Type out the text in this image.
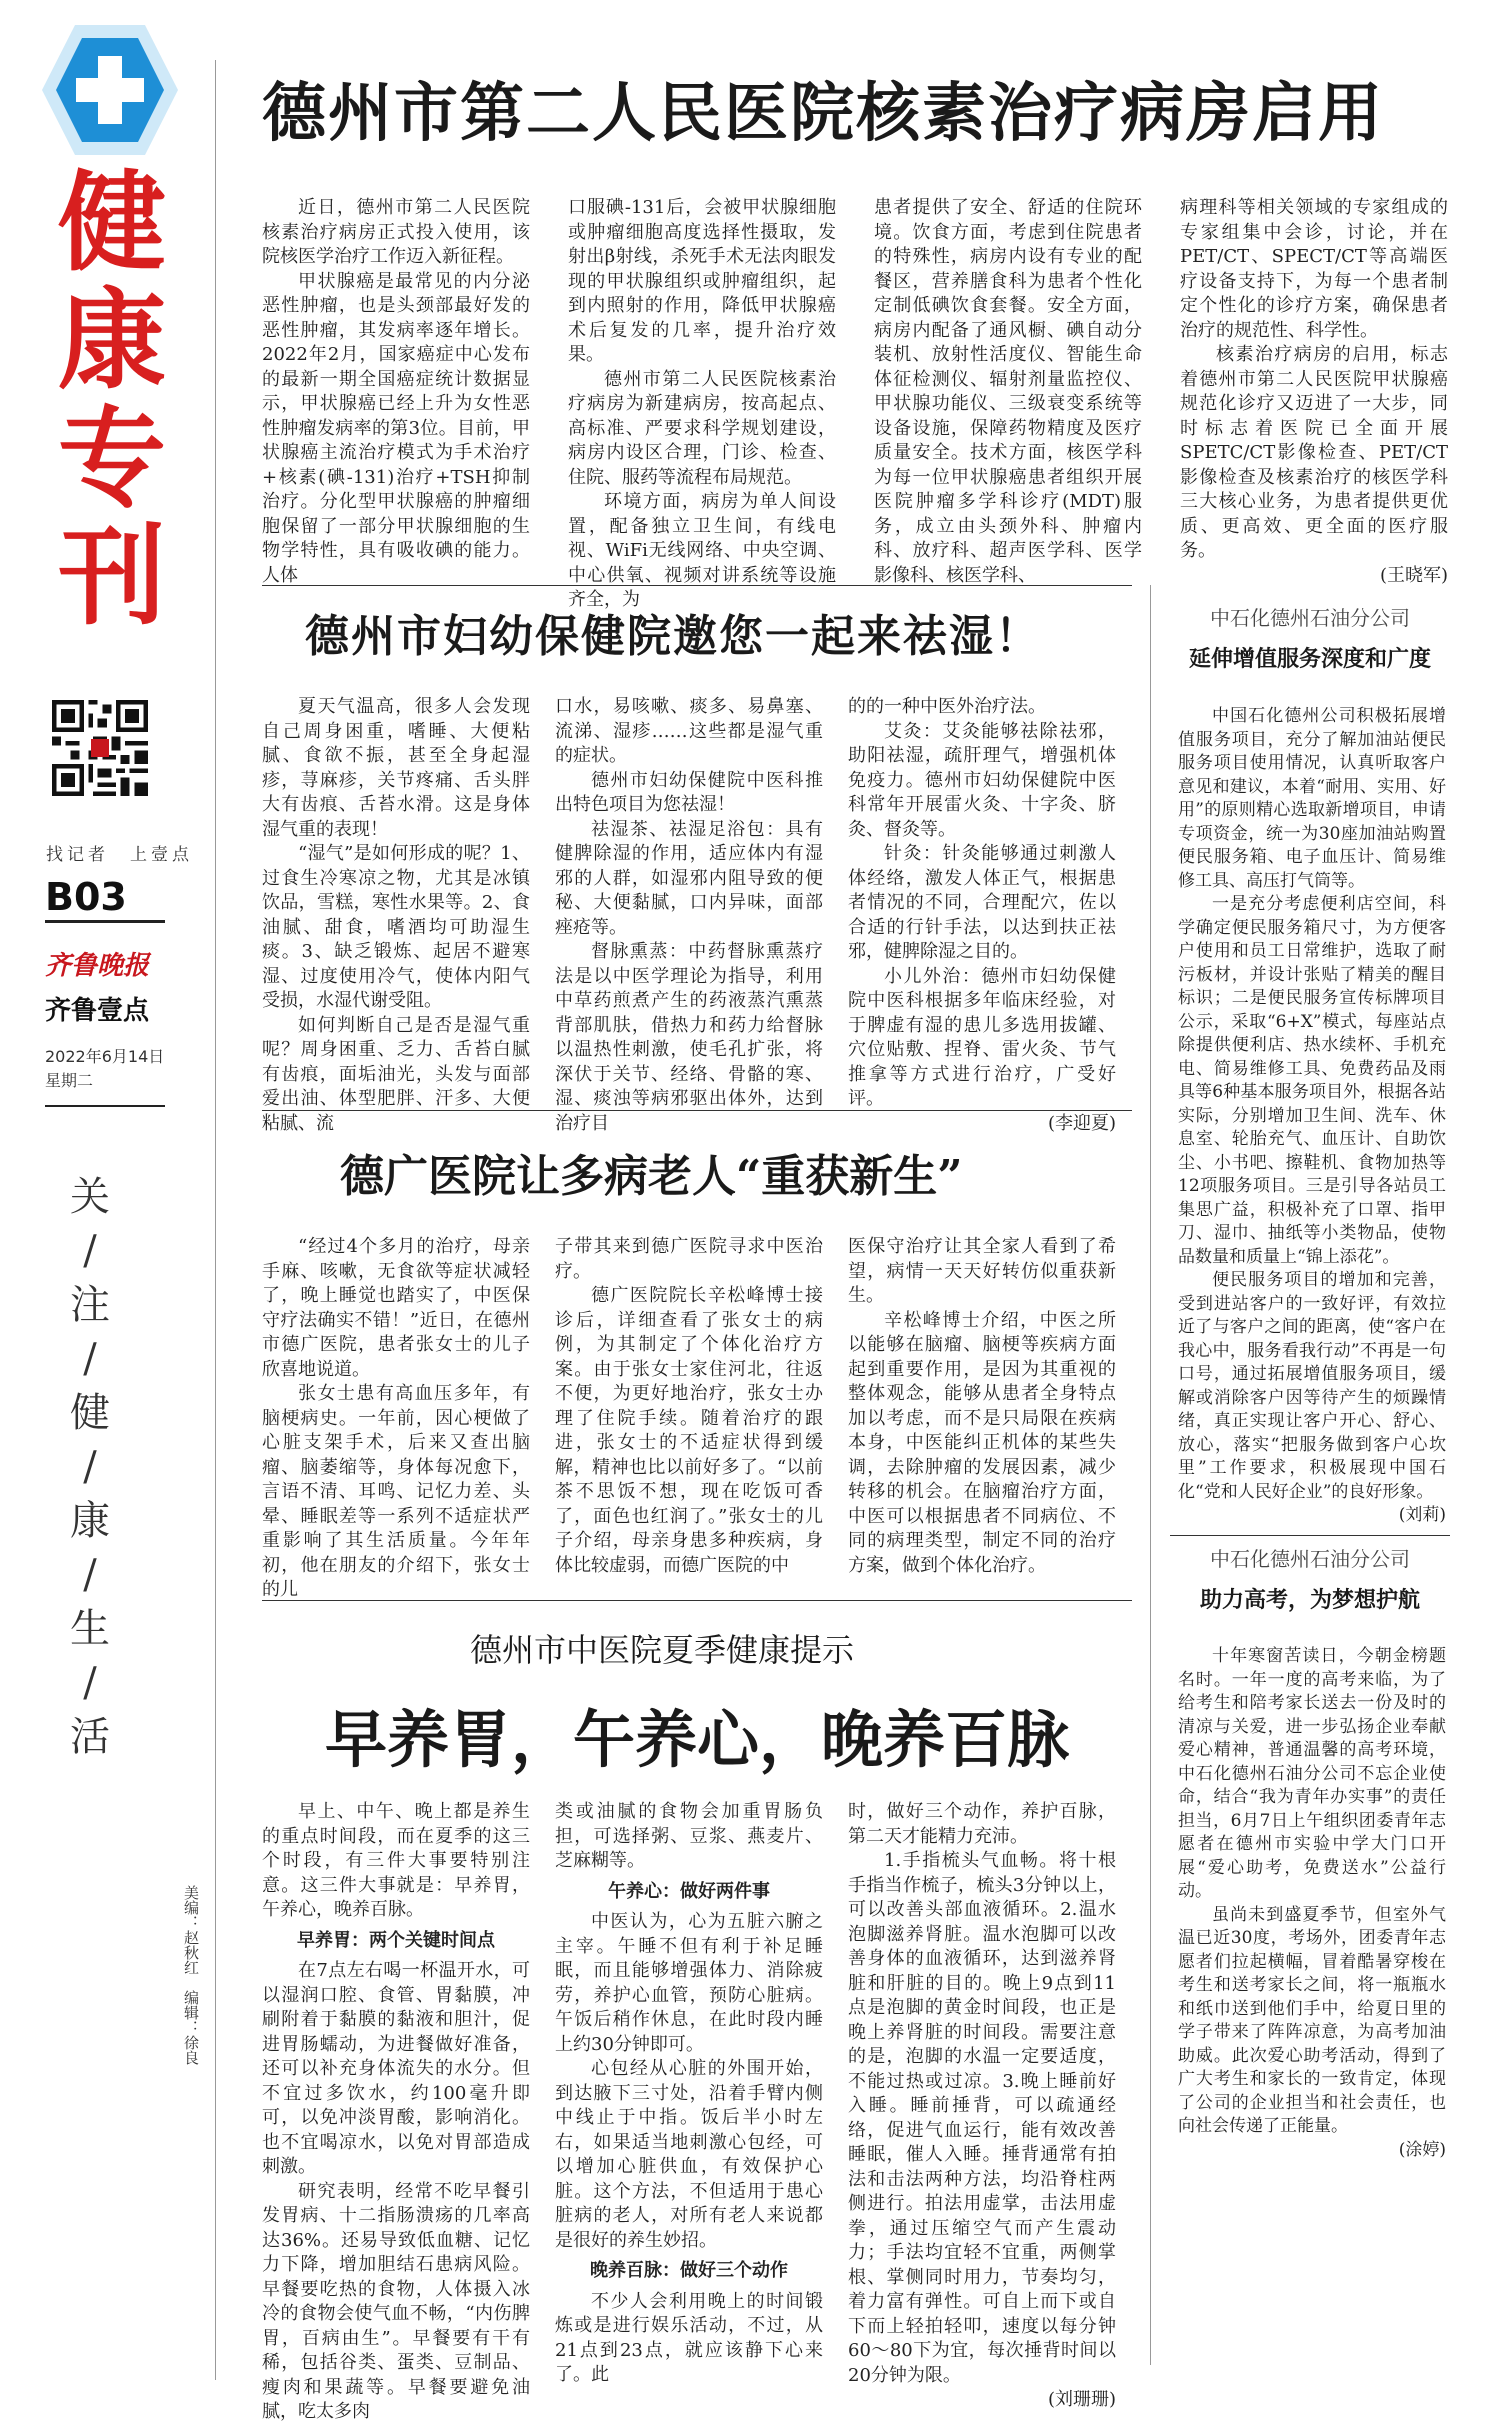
健
康
专
刊
找记者　上壹点
B03
齐鲁晚报
齐鲁壹点
2022年6月14日
星期二
关
/
注
/
健
/
康
/
生
/
活
美编：赵秋红　编辑：徐良
德州市第二人民医院核素治疗病房启用

近日，德州市第二人民医院核素治疗病房正式投入使用，该院核医学治疗工作迈入新征程。

甲状腺癌是最常见的内分泌恶性肿瘤，也是头颈部最好发的恶性肿瘤，其发病率逐年增长。2022年2月，国家癌症中心发布的最新一期全国癌症统计数据显示，甲状腺癌已经上升为女性恶性肿瘤发病率的第3位。目前，甲状腺癌主流治疗模式为手术治疗+核素(碘-131)治疗+TSH抑制治疗。分化型甲状腺癌的肿瘤细胞保留了一部分甲状腺细胞的生物学特性，具有吸收碘的能力。人体

口服碘-131后，会被甲状腺细胞或肿瘤细胞高度选择性摄取，发射出β射线，杀死手术无法肉眼发现的甲状腺组织或肿瘤组织，起到内照射的作用，降低甲状腺癌术后复发的几率，提升治疗效果。

德州市第二人民医院核素治疗病房为新建病房，按高起点、高标准、严要求科学规划建设，病房内设区合理，门诊、检查、住院、服药等流程布局规范。

环境方面，病房为单人间设置，配备独立卫生间，有线电视、WiFi无线网络、中央空调、中心供氧、视频对讲系统等设施齐全，为

患者提供了安全、舒适的住院环境。饮食方面，考虑到住院患者的特殊性，病房内设有专业的配餐区，营养膳食科为患者个性化定制低碘饮食套餐。安全方面，病房内配备了通风橱、碘自动分装机、放射性活度仪、智能生命体征检测仪、辐射剂量监控仪、甲状腺功能仪、三级衰变系统等设备设施，保障药物精度及医疗质量安全。技术方面，核医学科为每一位甲状腺癌患者组织开展医院肿瘤多学科诊疗(MDT)服务，成立由头颈外科、肿瘤内科、放疗科、超声医学科、医学影像科、核医学科、

病理科等相关领域的专家组成的专家组集中会诊，讨论，并在PET/CT、SPECT/CT等高端医疗设备支持下，为每一个患者制定个性化的诊疗方案，确保患者治疗的规范性、科学性。

核素治疗病房的启用，标志着德州市第二人民医院甲状腺癌规范化诊疗又迈进了一大步，同时标志着医院已全面开展SPETC/CT影像检查、PET/CT影像检查及核素治疗的核医学科三大核心业务，为患者提供更优质、更高效、更全面的医疗服务。

(王晓军)
德州市妇幼保健院邀您一起来祛湿！

夏天气温高，很多人会发现自己周身困重，嗜睡、大便粘腻、食欲不振，甚至全身起湿疹，荨麻疹，关节疼痛、舌头胖大有齿痕、舌苔水滑。这是身体湿气重的表现！

“湿气”是如何形成的呢？1、过食生冷寒凉之物，尤其是冰镇饮品，雪糕，寒性水果等。2、食油腻、甜食，嗜酒均可助湿生痰。3、缺乏锻炼、起居不避寒湿、过度使用冷气，使体内阳气受损，水湿代谢受阻。

如何判断自己是否是湿气重呢？周身困重、乏力、舌苔白腻有齿痕，面垢油光，头发与面部爱出油、体型肥胖、汗多、大便粘腻、流

口水，易咳嗽、痰多、易鼻塞、流涕、湿疹……这些都是湿气重的症状。

德州市妇幼保健院中医科推出特色项目为您祛湿！

祛湿茶、祛湿足浴包：具有健脾除湿的作用，适应体内有湿邪的人群，如湿邪内阻导致的便秘、大便黏腻，口内异味，面部痤疮等。

督脉熏蒸：中药督脉熏蒸疗法是以中医学理论为指导，利用中草药煎煮产生的药液蒸汽熏蒸背部肌肤，借热力和药力给督脉以温热性刺激，使毛孔扩张，将深伏于关节、经络、骨骼的寒、湿、痰浊等病邪驱出体外，达到治疗目

的的一种中医外治疗法。

艾灸：艾灸能够祛除祛邪，助阳祛湿，疏肝理气，增强机体免疫力。德州市妇幼保健院中医科常年开展雷火灸、十字灸、脐灸、督灸等。

针灸：针灸能够通过刺激人体经络，激发人体正气，根据患者情况的不同，合理配穴，佐以合适的行针手法，以达到扶正祛邪，健脾除湿之目的。

小儿外治：德州市妇幼保健院中医科根据多年临床经验，对于脾虚有湿的患儿多选用拔罐、穴位贴敷、捏脊、雷火灸、节气推拿等方式进行治疗，广受好评。

(李迎夏)
德广医院让多病老人“重获新生”

“经过4个多月的治疗，母亲手麻、咳嗽，无食欲等症状减轻了，晚上睡觉也踏实了，中医保守疗法确实不错！”近日，在德州市德广医院，患者张女士的儿子欣喜地说道。

张女士患有高血压多年，有脑梗病史。一年前，因心梗做了心脏支架手术，后来又查出脑瘤、脑萎缩等，身体每况愈下，言语不清、耳鸣、记忆力差、头晕、睡眠差等一系列不适症状严重影响了其生活质量。今年年初，他在朋友的介绍下，张女士的儿

子带其来到德广医院寻求中医治疗。

德广医院院长辛松峰博士接诊后，详细查看了张女士的病例，为其制定了个体化治疗方案。由于张女士家住河北，往返不便，为更好地治疗，张女士办理了住院手续。随着治疗的跟进，张女士的不适症状得到缓解，精神也比以前好多了。“以前茶不思饭不想，现在吃饭可香了，面色也红润了。”张女士的儿子介绍，母亲身患多种疾病，身体比较虚弱，而德广医院的中

医保守治疗让其全家人看到了希望，病情一天天好转仿似重获新生。

辛松峰博士介绍，中医之所以能够在脑瘤、脑梗等疾病方面起到重要作用，是因为其重视的整体观念，能够从患者全身特点加以考虑，而不是只局限在疾病本身，中医能纠正机体的某些失调，去除肿瘤的发展因素，减少转移的机会。在脑瘤治疗方面，中医可以根据患者不同病位、不同的病理类型，制定不同的治疗方案，做到个体化治疗。

德州市中医院夏季健康提示
早养胃，午养心，晚养百脉

早上、中午、晚上都是养生的重点时间段，而在夏季的这三个时段，有三件大事要特别注意。这三件大事就是：早养胃，午养心，晚养百脉。

早养胃：两个关键时间点

在7点左右喝一杯温开水，可以湿润口腔、食管、胃黏膜，冲刷附着于黏膜的黏液和胆汁，促进胃肠蠕动，为进餐做好准备，还可以补充身体流失的水分。但不宜过多饮水，约100毫升即可，以免冲淡胃酸，影响消化。也不宜喝凉水，以免对胃部造成刺激。

研究表明，经常不吃早餐引发胃病、十二指肠溃疡的几率高达36%。还易导致低血糖、记忆力下降，增加胆结石患病风险。早餐要吃热的食物，人体摄入冰冷的食物会使气血不畅，“内伤脾胃，百病由生”。早餐要有干有稀，包括谷类、蛋类、豆制品、瘦肉和果蔬等。早餐要避免油腻，吃太多肉

类或油腻的食物会加重胃肠负担，可选择粥、豆浆、燕麦片、芝麻糊等。

午养心：做好两件事

中医认为，心为五脏六腑之主宰。午睡不但有利于补足睡眠，而且能够增强体力、消除疲劳，养护心血管，预防心脏病。午饭后稍作休息，在此时段内睡上约30分钟即可。

心包经从心脏的外围开始，到达腋下三寸处，沿着手臂内侧中线止于中指。饭后半小时左右，如果适当地刺激心包经，可以增加心脏供血，有效保护心脏。这个方法，不但适用于患心脏病的老人，对所有老人来说都是很好的养生妙招。

晚养百脉：做好三个动作

不少人会利用晚上的时间锻炼或是进行娱乐活动，不过，从21点到23点，就应该静下心来了。此

时，做好三个动作，养护百脉，第二天才能精力充沛。

1.手指梳头气血畅。将十根手指当作梳子，梳头3分钟以上，可以改善头部血液循环。2.温水泡脚滋养肾脏。温水泡脚可以改善身体的血液循环，达到滋养肾脏和肝脏的目的。晚上9点到11点是泡脚的黄金时间段，也正是晚上养肾脏的时间段。需要注意的是，泡脚的水温一定要适度，不能过热或过凉。3.晚上睡前好入睡。睡前捶背，可以疏通经络，促进气血运行，能有效改善睡眠，催人入睡。捶背通常有拍法和击法两种方法，均沿脊柱两侧进行。拍法用虚掌，击法用虚拳，通过压缩空气而产生震动力；手法均宜轻不宜重，两侧掌根、掌侧同时用力，节奏均匀，着力富有弹性。可自上而下或自下而上轻拍轻叩，速度以每分钟60～80下为宜，每次捶背时间以20分钟为限。

(刘珊珊)
中石化德州石油分公司
延伸增值服务深度和广度

中国石化德州公司积极拓展增值服务项目，充分了解加油站便民服务项目使用情况，认真听取客户意见和建议，本着“耐用、实用、好用”的原则精心选取新增项目，申请专项资金，统一为30座加油站购置便民服务箱、电子血压计、简易维修工具、高压打气筒等。

一是充分考虑便利店空间，科学确定便民服务箱尺寸，为方便客户使用和员工日常维护，选取了耐污板材，并设计张贴了精美的醒目标识；二是便民服务宣传标牌项目公示，采取“6+X”模式，每座站点除提供便利店、热水续杯、手机充电、简易维修工具、免费药品及雨具等6种基本服务项目外，根据各站实际，分别增加卫生间、洗车、休息室、轮胎充气、血压计、自助饮尘、小书吧、擦鞋机、食物加热等12项服务项目。三是引导各站员工集思广益，积极补充了口罩、指甲刀、湿巾、抽纸等小类物品，使物品数量和质量上“锦上添花”。

便民服务项目的增加和完善，受到进站客户的一致好评，有效拉近了与客户之间的距离，使“客户在我心中，服务看我行动”不再是一句口号，通过拓展增值服务项目，缓解或消除客户因等待产生的烦躁情绪，真正实现让客户开心、舒心、放心，落实“把服务做到客户心坎里”工作要求，积极展现中国石化“党和人民好企业”的良好形象。

(刘莉)
中石化德州石油分公司
助力高考，为梦想护航

十年寒窗苦读日，今朝金榜题名时。一年一度的高考来临，为了给考生和陪考家长送去一份及时的清凉与关爱，进一步弘扬企业奉献爱心精神，普通温馨的高考环境，中石化德州石油分公司不忘企业使命，结合“我为青年办实事”的责任担当，6月7日上午组织团委青年志愿者在德州市实验中学大门口开展“爱心助考，免费送水”公益行动。

虽尚未到盛夏季节，但室外气温已近30度，考场外，团委青年志愿者们拉起横幅，冒着酷暑穿梭在考生和送考家长之间，将一瓶瓶水和纸巾送到他们手中，给夏日里的学子带来了阵阵凉意，为高考加油助威。此次爱心助考活动，得到了广大考生和家长的一致肯定，体现了公司的企业担当和社会责任，也向社会传递了正能量。

(涂婷)
